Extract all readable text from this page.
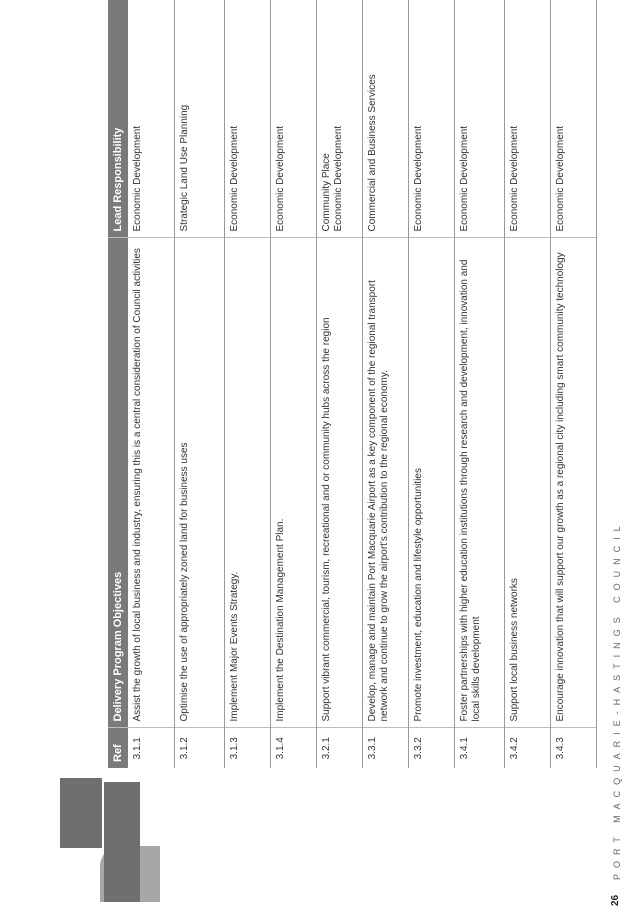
Ref	Delivery Program Objectives	Lead Responsibility
3.1.1	Assist the growth of local business and industry, ensuring this is a central consideration of Council activities	Economic Development
3.1.2	Optimise the use of appropriately zoned land for business uses	Strategic Land Use Planning
3.1.3	Implement Major Events Strategy.	Economic Development
3.1.4	Implement the Destination Management Plan.	Economic Development
3.2.1	Support vibrant commercial, tourism, recreational and or community hubs across the region	Community Place
Economic Development
3.3.1	Develop, manage and maintain Port Macquarie Airport as a key component of the regional transport network and continue to grow the airport's contribution to the regional economy.	Commercial and Business Services
3.3.2	Promote investment, education and lifestyle opportunities	Economic Development
3.4.1	Foster partnerships with higher education institutions through research and development, innovation and local skills development	Economic Development
3.4.2	Support local business networks	Economic Development
3.4.3	Encourage innovation that will support our growth as a regional city including smart community technology	Economic Development
26
PORT MACQUARIE-HASTINGS COUNCIL
